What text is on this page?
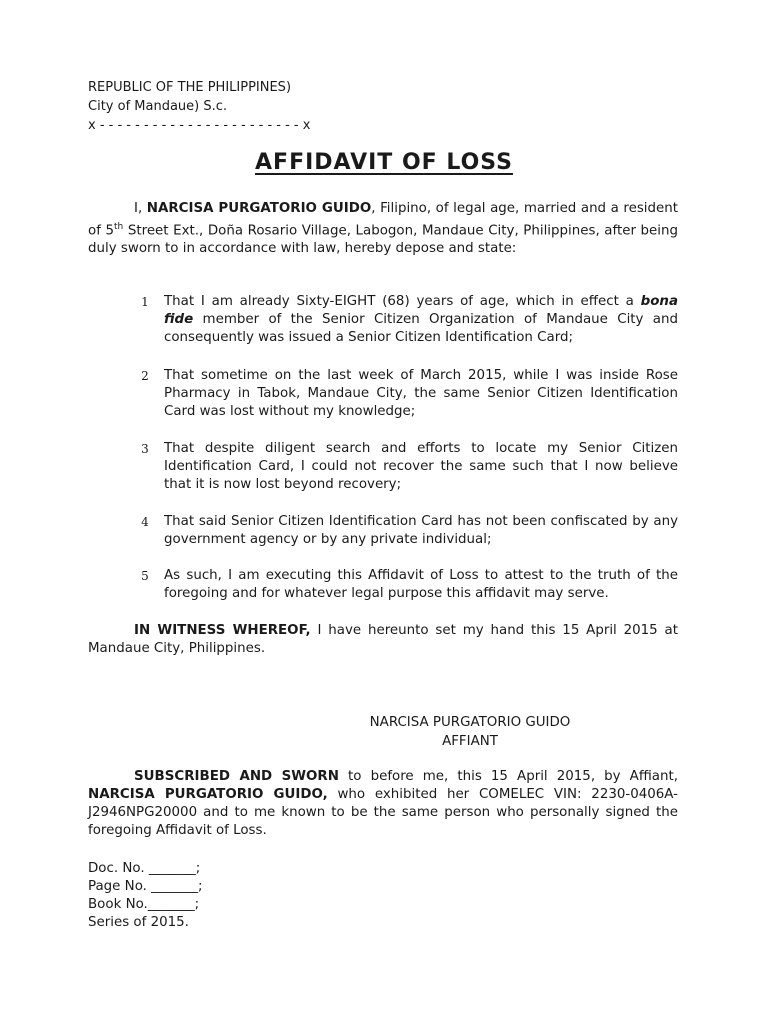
REPUBLIC OF THE PHILIPPINES)
City of Mandaue) S.c.
x - - - - - - - - - - - - - - - - - - - - - - - x
AFFIDAVIT OF LOSS
I, NARCISA PURGATORIO GUIDO, Filipino, of legal age, married and a resident of 5th Street Ext., Doña Rosario Village, Labogon, Mandaue City, Philippines, after being duly sworn to in accordance with law, hereby depose and state:
1 That I am already Sixty-EIGHT (68) years of age, which in effect a bona fide member of the Senior Citizen Organization of Mandaue City and consequently was issued a Senior Citizen Identification Card;
2 That sometime on the last week of March 2015, while I was inside Rose Pharmacy in Tabok, Mandaue City, the same Senior Citizen Identification Card was lost without my knowledge;
3 That despite diligent search and efforts to locate my Senior Citizen Identification Card, I could not recover the same such that I now believe that it is now lost beyond recovery;
4 That said Senior Citizen Identification Card has not been confiscated by any government agency or by any private individual;
5 As such, I am executing this Affidavit of Loss to attest to the truth of the foregoing and for whatever legal purpose this affidavit may serve.
IN WITNESS WHEREOF, I have hereunto set my hand this 15 April 2015 at Mandaue City, Philippines.
NARCISA PURGATORIO GUIDO
AFFIANT
SUBSCRIBED AND SWORN to before me, this 15 April 2015, by Affiant, NARCISA PURGATORIO GUIDO, who exhibited her COMELEC VIN: 2230-0406A-J2946NPG20000 and to me known to be the same person who personally signed the foregoing Affidavit of Loss.
Doc. No. _______;
Page No. _______;
Book No._______;
Series of 2015.
